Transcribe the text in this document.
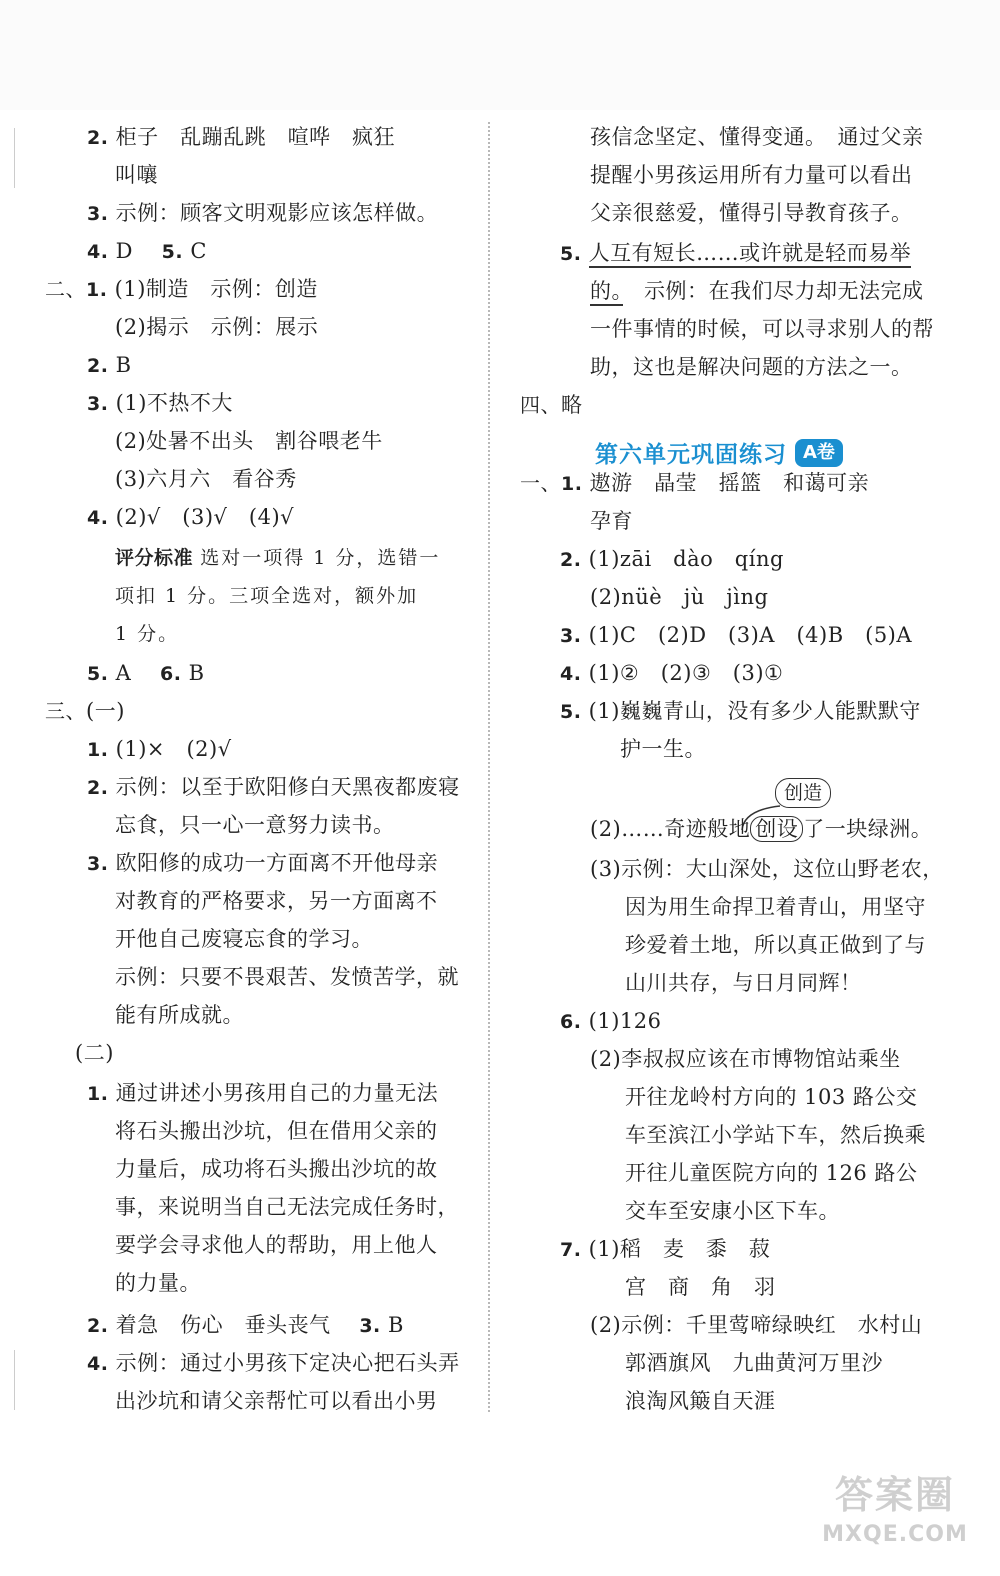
2. 柜子　乱蹦乱跳　喧哗　疯狂
叫嚷
3. 示例：顾客文明观影应该怎样做。
4. D　 5. C
二、1. (1)制造　示例：创造
(2)揭示　示例：展示
2. B
3. (1)不热不大
(2)处暑不出头　割谷喂老牛
(3)六月六　看谷秀
4. (2)√　(3)√　(4)√
评分标准 选对一项得 1 分，选错一
项扣 1 分。三项全选对，额外加
1 分。
5. A　 6. B
三、(一)
1. (1)×　(2)√
2. 示例：以至于欧阳修白天黑夜都废寝
忘食，只一心一意努力读书。
3. 欧阳修的成功一方面离不开他母亲
对教育的严格要求，另一方面离不
开他自己废寝忘食的学习。
示例：只要不畏艰苦、发愤苦学，就
能有所成就。
(二)
1. 通过讲述小男孩用自己的力量无法
将石头搬出沙坑，但在借用父亲的
力量后，成功将石头搬出沙坑的故
事，来说明当自己无法完成任务时，
要学会寻求他人的帮助，用上他人
的力量。
2. 着急　伤心　垂头丧气　 3. B
4. 示例：通过小男孩下定决心把石头弄
出沙坑和请父亲帮忙可以看出小男
孩信念坚定、懂得变通。　通过父亲
提醒小男孩运用所有力量可以看出
父亲很慈爱，懂得引导教育孩子。
5. 人互有短长……或许就是轻而易举
的。　示例：在我们尽力却无法完成
一件事情的时候，可以寻求别人的帮
助，这也是解决问题的方法之一。
四、略
第六单元巩固练习 A卷
一、1. 遨游　晶莹　摇篮　和蔼可亲
孕育
2. (1)zāi　dào　qíng
(2)nüè　jù　jìng
3. (1)C　(2)D　(3)A　(4)B　(5)A
4. (1)②　(2)③　(3)①
5. (1)巍巍青山，没有多少人能默默守
护一生。
创造
(2)……奇迹般地 创设 了一块绿洲。
(3)示例：大山深处，这位山野老农，
因为用生命捍卫着青山，用坚守
珍爱着土地，所以真正做到了与
山川共存，与日月同辉！
6. (1)126
(2)李叔叔应该在市博物馆站乘坐
开往龙岭村方向的 103 路公交
车至滨江小学站下车，然后换乘
开往儿童医院方向的 126 路公
交车至安康小区下车。
7. (1)稻　麦　黍　菽
宫　商　角　羽
(2)示例：千里莺啼绿映红　水村山
郭酒旗风　九曲黄河万里沙
浪淘风簸自天涯
答案圈
MXQE.COM
